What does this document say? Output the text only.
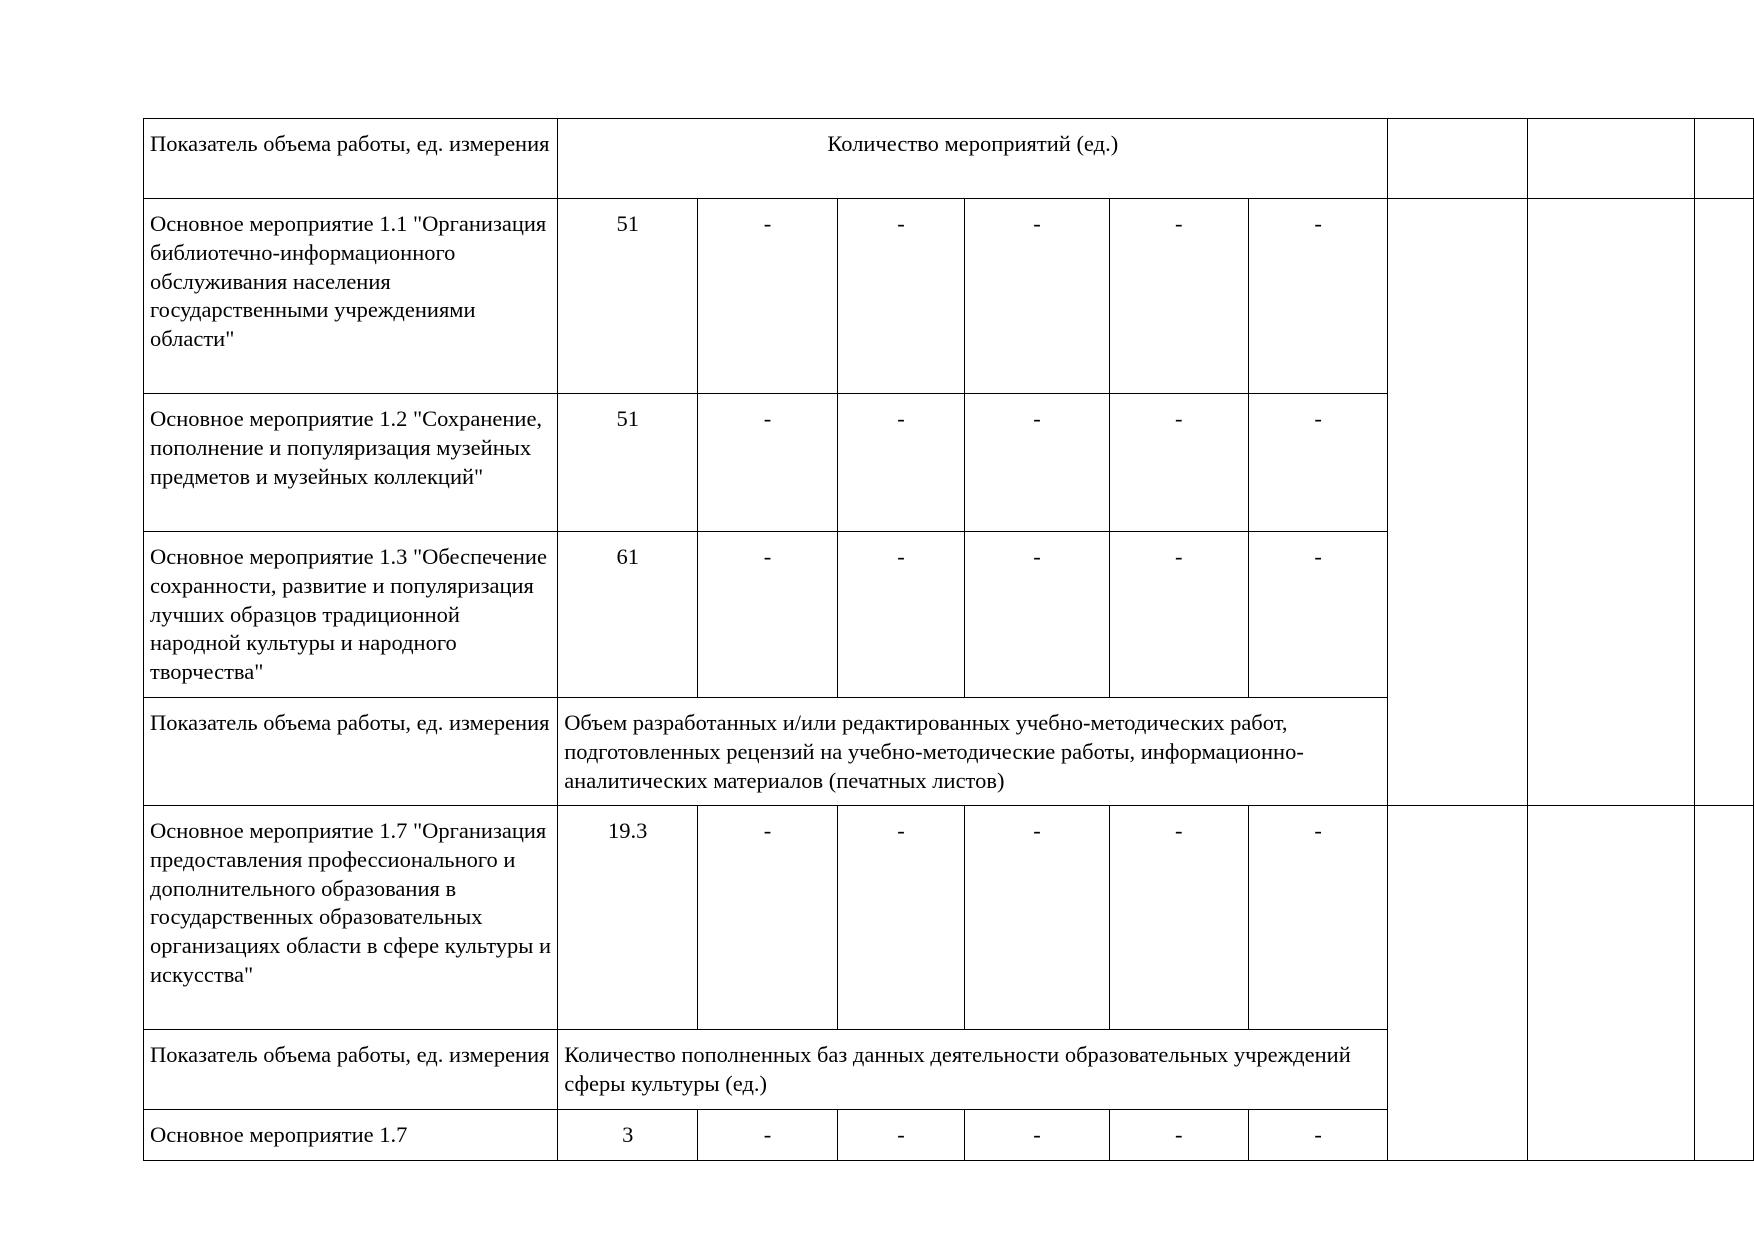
Показатель объема работы, ед. измерения	Количество мероприятий (ед.)								
Основное мероприятие 1.1 "Организация библиотечно-информационного обслуживания населения государственными учреждениями области"	51	-	-	-	-	-			
Основное мероприятие 1.2 "Сохранение, пополнение и популяризация музейных предметов и музейных коллекций"	51	-	-	-	-	-			
Основное мероприятие 1.3 "Обеспечение сохранности, развитие и популяризация лучших образцов традиционной народной культуры и народного творчества"	61	-	-	-	-	-			
Показатель объема работы, ед. измерения	Объем разработанных и/или редактированных учебно-методических работ, подготовленных рецензий на учебно-методические работы, информационно-аналитических материалов (печатных листов)								
Основное мероприятие 1.7 "Организация предоставления профессионального и дополнительного образования в государственных образовательных организациях области в сфере культуры и искусства"	19.3	-	-	-	-	-			
Показатель объема работы, ед. измерения	Количество пополненных баз данных деятельности образовательных учреждений сферы культуры (ед.)								
Основное мероприятие 1.7	3	-	-	-	-	-			
